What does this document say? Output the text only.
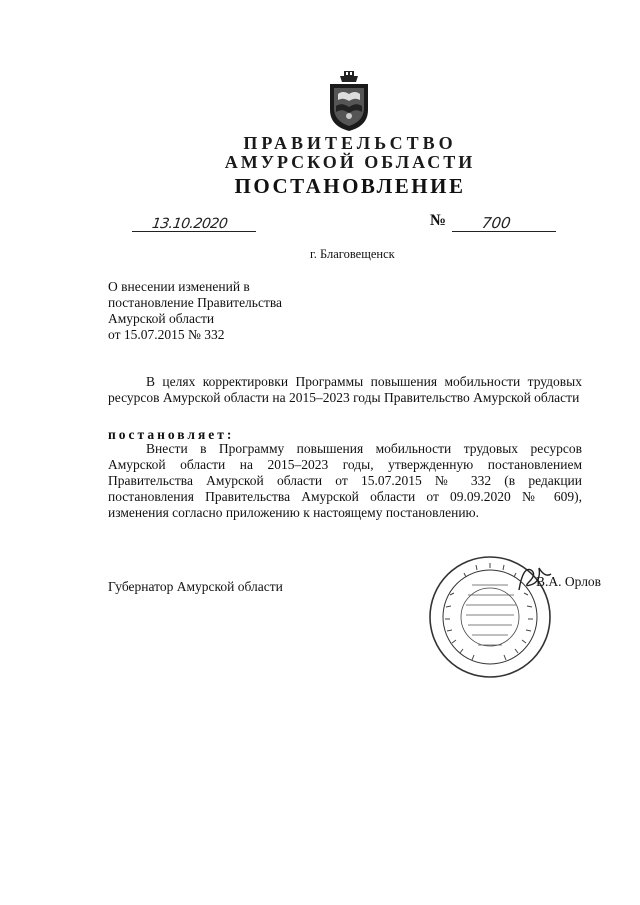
ПРАВИТЕЛЬСТВО
АМУРСКОЙ ОБЛАСТИ
ПОСТАНОВЛЕНИЕ
13.10.2020	№ 700
г. Благовещенск
О внесении изменений в
постановление Правительства
Амурской области
от 15.07.2015 № 332
В целях корректировки Программы повышения мобильности трудовых ресурсов Амурской области на 2015–2023 годы Правительство Амурской области
постановляет:
Внести в Программу повышения мобильности трудовых ресурсов Амурской области на 2015–2023 годы, утвержденную постановлением Правительства Амурской области от 15.07.2015 № 332 (в редакции постановления Правительства Амурской области от 09.09.2020 № 609), изменения согласно приложению к настоящему постановлению.
Губернатор Амурской области	В.А. Орлов
